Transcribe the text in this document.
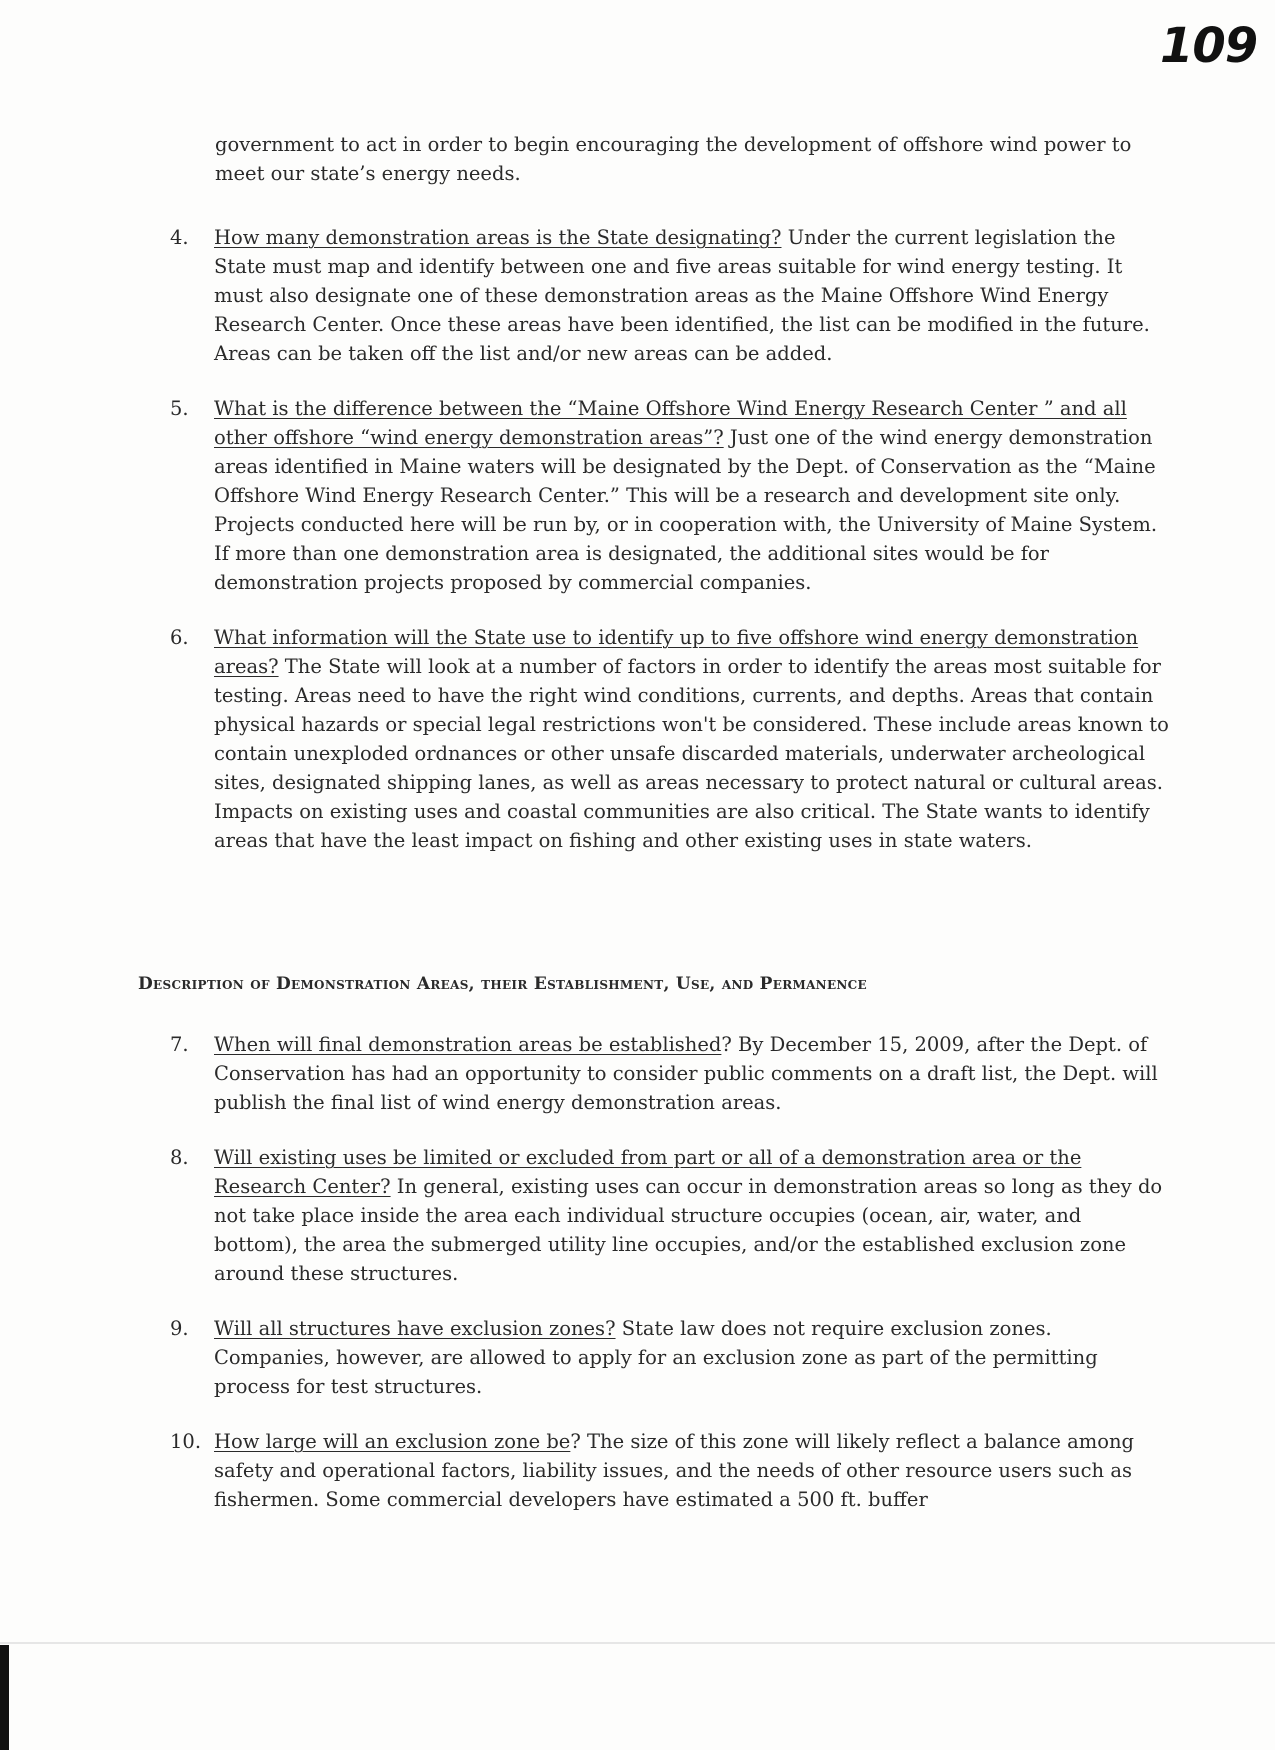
109

government to act in order to begin encouraging the development of offshore wind power to meet our state’s energy needs.

4.	How many demonstration areas is the State designating? Under the current legislation the State must map and identify between one and five areas suitable for wind energy testing. It must also designate one of these demonstration areas as the Maine Offshore Wind Energy Research Center. Once these areas have been identified, the list can be modified in the future. Areas can be taken off the list and/or new areas can be added.
5.	What is the difference between the “Maine Offshore Wind Energy Research Center ” and all other offshore “wind energy demonstration areas”? Just one of the wind energy demonstration areas identified in Maine waters will be designated by the Dept. of Conservation as the “Maine Offshore Wind Energy Research Center.” This will be a research and development site only. Projects conducted here will be run by, or in cooperation with, the University of Maine System. If more than one demonstration area is designated, the additional sites would be for demonstration projects proposed by commercial companies.
6.	What information will the State use to identify up to five offshore wind energy demonstration areas? The State will look at a number of factors in order to identify the areas most suitable for testing. Areas need to have the right wind conditions, currents, and depths. Areas that contain physical hazards or special legal restrictions won't be considered. These include areas known to contain unexploded ordnances or other unsafe discarded materials, underwater archeological sites, designated shipping lanes, as well as areas necessary to protect natural or cultural areas. Impacts on existing uses and coastal communities are also critical. The State wants to identify areas that have the least impact on fishing and other existing uses in state waters.
Description of Demonstration Areas, their Establishment, Use, and Permanence
7.	When will final demonstration areas be established? By December 15, 2009, after the Dept. of Conservation has had an opportunity to consider public comments on a draft list, the Dept. will publish the final list of wind energy demonstration areas.
8.	Will existing uses be limited or excluded from part or all of a demonstration area or the Research Center? In general, existing uses can occur in demonstration areas so long as they do not take place inside the area each individual structure occupies (ocean, air, water, and bottom), the area the submerged utility line occupies, and/or the established exclusion zone around these structures.
9.	Will all structures have exclusion zones? State law does not require exclusion zones. Companies, however, are allowed to apply for an exclusion zone as part of the permitting process for test structures.
10. How large will an exclusion zone be? The size of this zone will likely reflect a balance among safety and operational factors, liability issues, and the needs of other resource users such as fishermen. Some commercial developers have estimated a 500 ft. buffer
